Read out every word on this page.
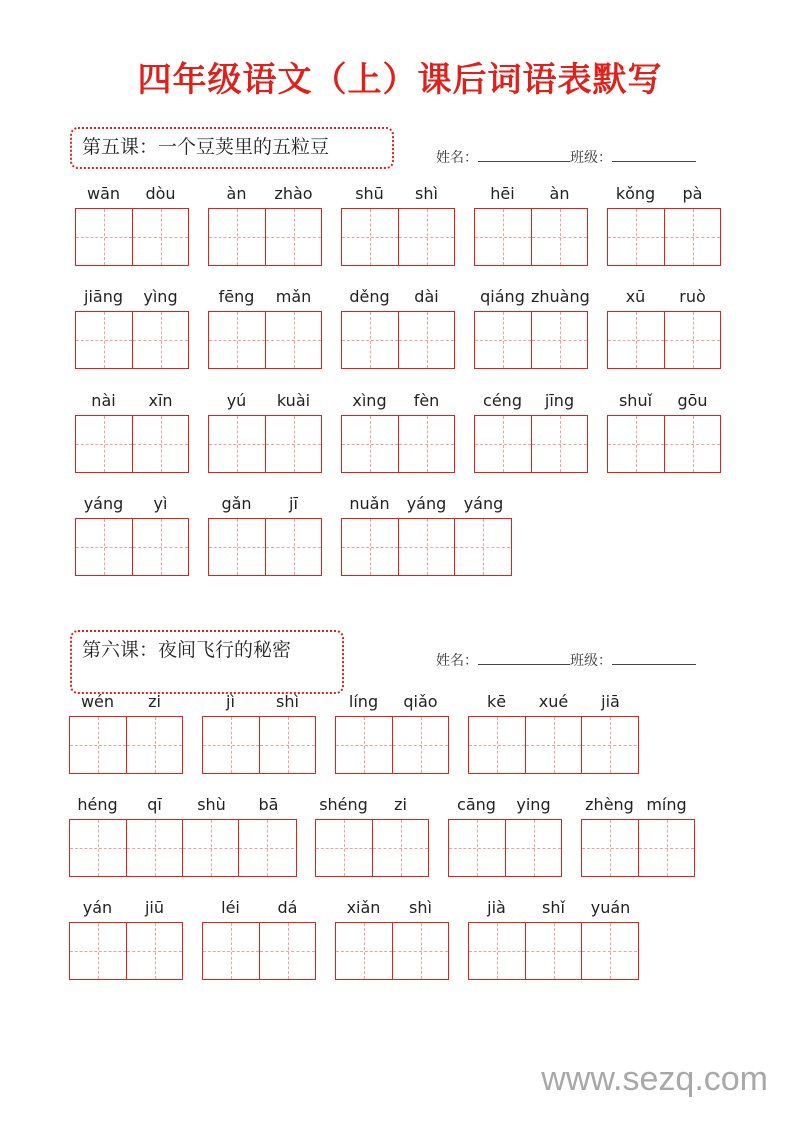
四年级语文（上）课后词语表默写
第五课：一个豆荚里的五粒豆	姓名：	班级：
wān	dòu	àn	zhào	shū	shì	hēi	àn	kǒng	pà
jiāng	yìng	fēng	mǎn	děng	dài	qiáng zhuàng	xū	ruò
nài	xīn	yú	kuài	xìng	fèn	céng	jīng	shuǐ	gōu
yáng	yì	gǎn	jī	nuǎn	yáng	yáng
第六课：夜间飞行的秘密	姓名：	班级：
wén	zi	jì	shì	líng	qiǎo	kē	xué	jiā
héng	qī	shù	bā	shéng	zi	cāng	ying	zhèng míng
yán	jiū	léi	dá	xiǎn	shì	jià	shǐ	yuán
www.sezq.com
